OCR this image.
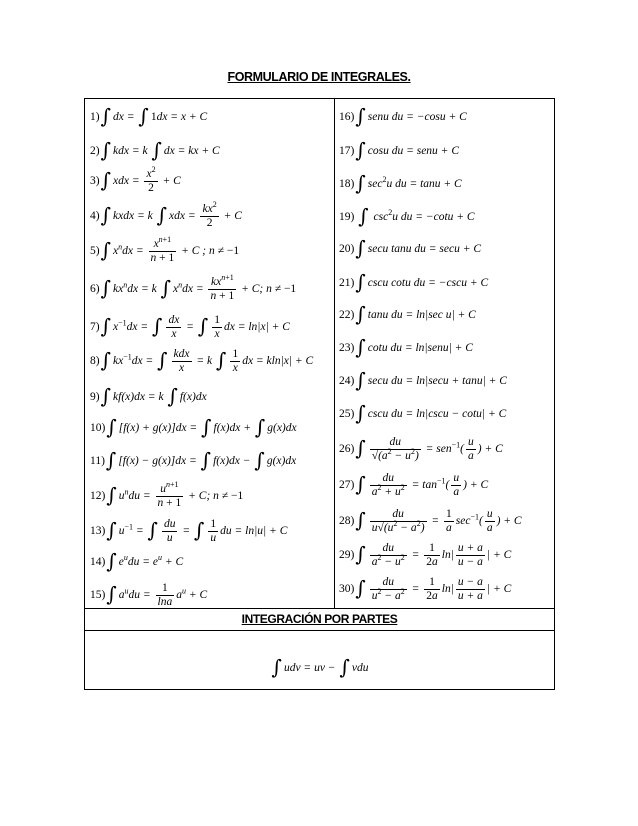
FORMULARIO DE INTEGRALES.
1)∫ dx = ∫ 1dx = x + C
2)∫ kdx = k ∫ dx = kx + C
3)∫ xdx = $\frac{x^2}{2} + C$
4)∫ kxdx = k ∫ xdx = $\frac{kx^2}{2} + C$
5)∫ $x^ndx = \frac{x^{n+1}}{n + 1} + C$ ; n ≠ −1
6)∫ $kx^ndx = k$ ∫ $x^ndx = \frac{kx^{n+1}}{n + 1} + C$; n ≠ −1
7)∫ $x^{-1}dx$ = ∫ $\frac{dx}{x}$ = ∫ $\frac{1}{x}$ dx = ln|x| + C
8)∫ $kx^{-1}dx$ = ∫ $\frac{\text{kdx}}{x} = k$ ∫ $\frac{1}{x}$ dx = kln|x| + C
9)∫ kf(x)dx = k ∫ f(x)dx
10)∫ [f(x) + g(x)]dx = ∫ f(x)dx + ∫ g(x)dx
11)∫ [f(x) − g(x)]dx = ∫ f(x)dx − ∫ g(x)dx
12)∫ $u^ndu = \frac{u^{n+1}}{n + 1} + C$; n ≠ −1
13)∫ $u^{-1}$ = ∫ $\frac{du}{u}$ = ∫ $\frac{1}{u}$ du = ln|u| + C
14)∫ $e^udu = e^u + C$
15)∫ $a^udu = \frac{1}{\ln a} a^u + C$
16)∫ senu du = −cosu + C
17)∫ cosu du = senu + C
18)∫ $\sec^2u$ du = tanu + C
19) ∫ $\csc^2u$ du = −cotu + C
20)∫ secu tanu du = secu + C
21)∫ cscu cotu du = −cscu + C
22)∫ tanu du = ln|sec u| + C
23)∫ cotu du = ln|senu| + C
24)∫ secu du = ln|secu + tanu| + C
25)∫ cscu du = ln|cscu − cotu| + C
$26)\int \frac{du}{√(a^2 - u^2)} = sen^{-1}( \frac{u}{a}$ ) + C
$27)\int \frac{du}{a^2 + u^2} = \tan^{-1}( \frac{u}{a}$ ) + C
$28)\int \frac{du}{u√(u^2 - a^2)} = \frac{1}{a} \sec^{-1}( \frac{u}{a}$ ) + C
$29)\int \frac{du}{a^2 - u^2} = \frac{1}{2a} \ln| \frac{u + a}{u - a}$ | + C
$30)\int \frac{du}{u^2 - a^2} = \frac{1}{2a} \ln| \frac{u - a}{u + a}$ | + C
INTEGRACIÓN POR PARTES
∫ udv = uv − ∫ vdu
